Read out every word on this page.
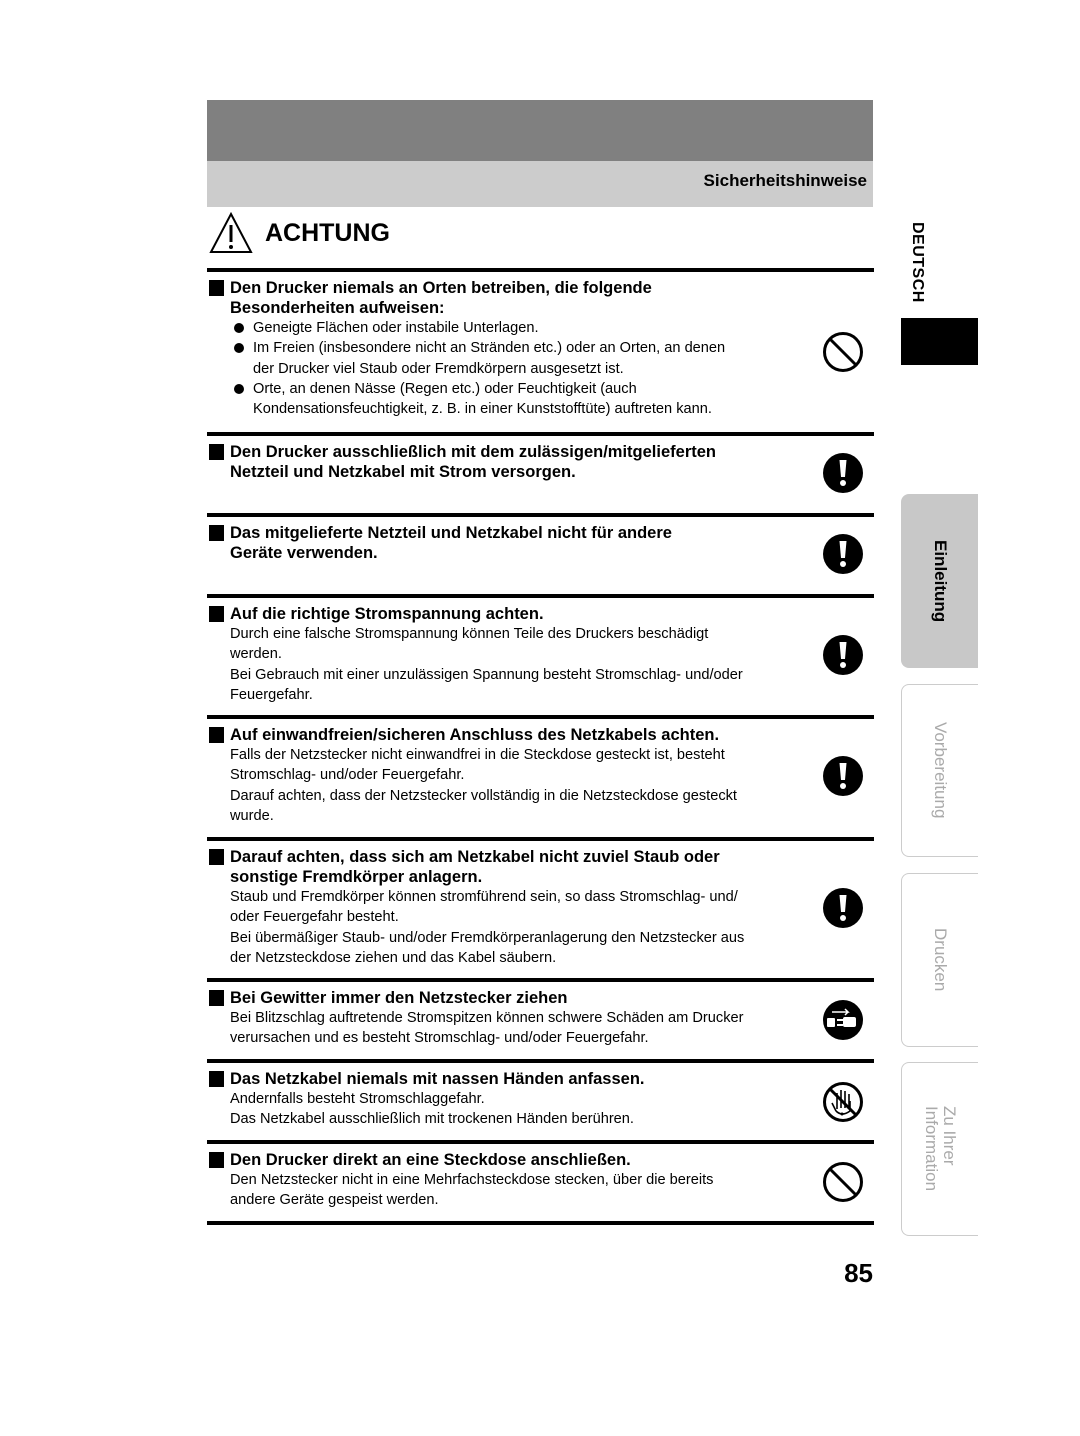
Sicherheitshinweise
ACHTUNG	DEUTSCH
Einleitung
Vorbereitung
Drucken
Zu Ihrer
Information
Den Drucker niemals an Orten betreiben, die folgende
Besonderheiten aufweisen:
Geneigte Flächen oder instabile Unterlagen.
Im Freien (insbesondere nicht an Stränden etc.) oder an Orten, an denen
der Drucker viel Staub oder Fremdkörpern ausgesetzt ist.
Orte, an denen Nässe (Regen etc.) oder Feuchtigkeit (auch
Kondensationsfeuchtigkeit, z. B. in einer Kunststofftüte) auftreten kann.
Den Drucker ausschließlich mit dem zulässigen/mitgelieferten
Netzteil und Netzkabel mit Strom versorgen.
Das mitgelieferte Netzteil und Netzkabel nicht für andere
Geräte verwenden.
Auf die richtige Stromspannung achten.
Durch eine falsche Stromspannung können Teile des Druckers beschädigt
werden.
Bei Gebrauch mit einer unzulässigen Spannung besteht Stromschlag- und/oder
Feuergefahr.
Auf einwandfreien/sicheren Anschluss des Netzkabels achten.
Falls der Netzstecker nicht einwandfrei in die Steckdose gesteckt ist, besteht
Stromschlag- und/oder Feuergefahr.
Darauf achten, dass der Netzstecker vollständig in die Netzsteckdose gesteckt
wurde.
Darauf achten, dass sich am Netzkabel nicht zuviel Staub oder
sonstige Fremdkörper anlagern.
Staub und Fremdkörper können stromführend sein, so dass Stromschlag- und/
oder Feuergefahr besteht.
Bei übermäßiger Staub- und/oder Fremdkörperanlagerung den Netzstecker aus
der Netzsteckdose ziehen und das Kabel säubern.
Bei Gewitter immer den Netzstecker ziehen
Bei Blitzschlag auftretende Stromspitzen können schwere Schäden am Drucker
verursachen und es besteht Stromschlag- und/oder Feuergefahr.
Das Netzkabel niemals mit nassen Händen anfassen.
Andernfalls besteht Stromschlaggefahr.
Das Netzkabel ausschließlich mit trockenen Händen berühren.
Den Drucker direkt an eine Steckdose anschließen.
Den Netzstecker nicht in eine Mehrfachsteckdose stecken, über die bereits
andere Geräte gespeist werden.
85
